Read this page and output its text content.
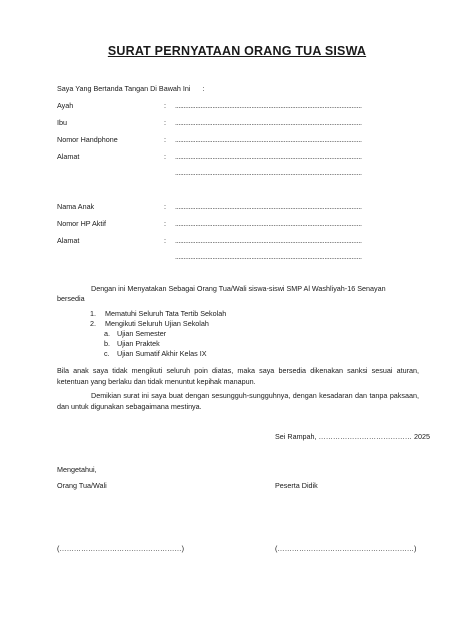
SURAT PERNYATAAN ORANG TUA SISWA
Saya Yang Bertanda Tangan Di Bawah Ini :
Ayah	: ..............................................................................................................
Ibu	: ..............................................................................................................
Nomor Handphone	: ..............................................................................................................
Alamat	: ..............................................................................................................
..............................................................................................................
Nama Anak	: ..............................................................................................................
Nomor HP Aktif	: ..............................................................................................................
Alamat	: ..............................................................................................................
..............................................................................................................
Dengan ini Menyatakan Sebagai Orang Tua/Wali siswa-siswi SMP Al Washliyah-16 Senayan
bersedia
1. Mematuhi Seluruh Tata Tertib Sekolah
2. Mengikuti Seluruh Ujian Sekolah
a. Ujian Semester
b. Ujian Praktek
c. Ujian Sumatif Akhir Kelas IX
Bila anak saya tidak mengikuti seluruh poin diatas, maka saya bersedia dikenakan sanksi sesuai aturan, ketentuan yang berlaku dan tidak menuntut kepihak manapun.
Demikian surat ini saya buat dengan sesungguh-sungguhnya, dengan kesadaran dan tanpa paksaan, dan untuk digunakan sebagaimana mestinya.
Sei Rampah, ………………………………… 2025
Mengetahui,
Orang Tua/Wali	Peserta Didik
(……………………………………………)	(…………………………………………………)
